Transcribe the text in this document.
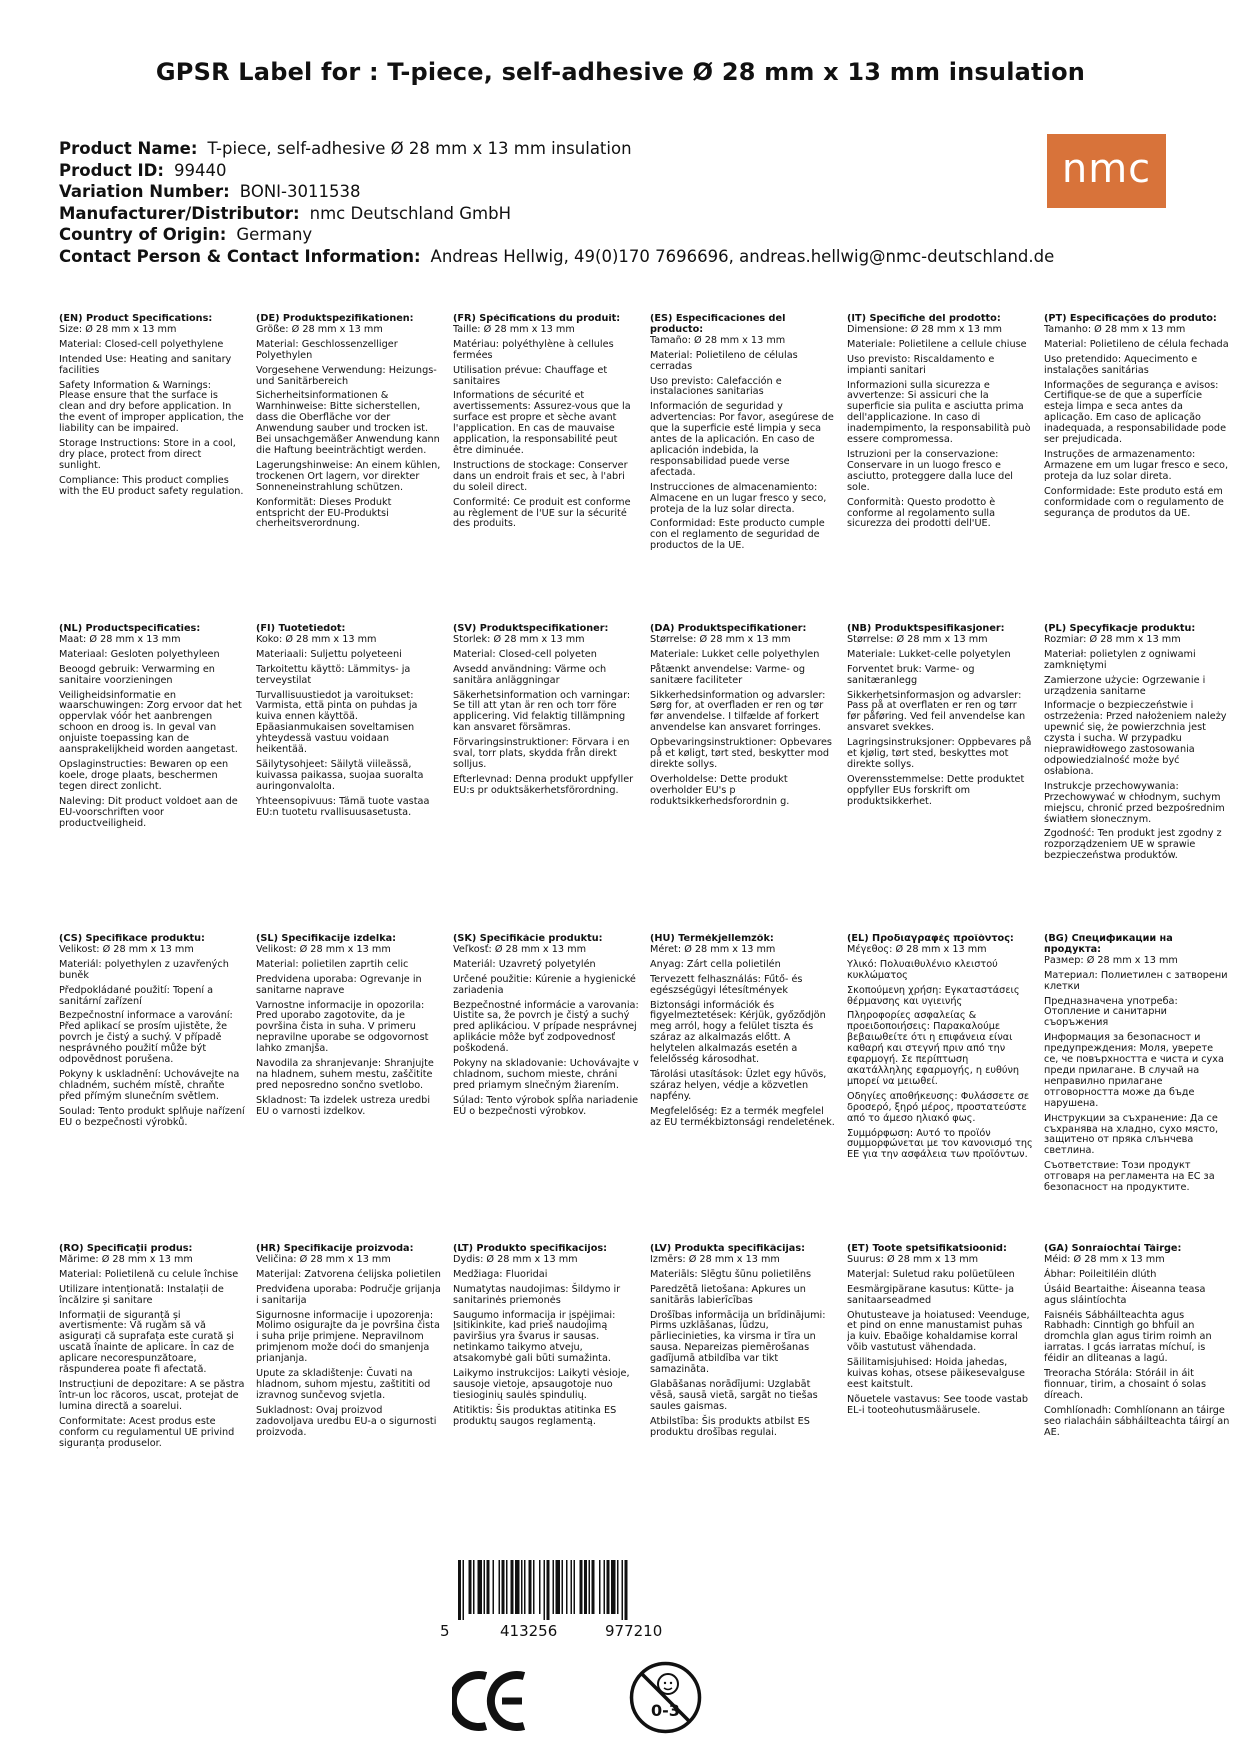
GPSR Label for : T-piece, self-adhesive Ø 28 mm x 13 mm insulation
Product Name: T-piece, self-adhesive Ø 28 mm x 13 mm insulation
Product ID: 99440
Variation Number: BONI-3011538
Manufacturer/Distributor: nmc Deutschland GmbH
Country of Origin: Germany
Contact Person & Contact Information: Andreas Hellwig, 49(0)170 7696696, andreas.hellwig@nmc-deutschland.de
nmc
(EN) Product Specifications:
Size: Ø 28 mm x 13 mm
Material: Closed-cell polyethylene
Intended Use: Heating and sanitary facilities
Safety Information & Warnings: Please ensure that the surface is clean and dry before application. In the event of improper application, the liability can be impaired.
Storage Instructions: Store in a cool, dry place, protect from direct sunlight.
Compliance: This product complies with the EU product safety regulation.
(DE) Produktspezifikationen:
Größe: Ø 28 mm x 13 mm
Material: Geschlossenzelliger Polyethylen
Vorgesehene Verwendung: Heizungs- und Sanitärbereich
Sicherheitsinformationen & Warnhinweise: Bitte sicherstellen, dass die Oberfläche vor der Anwendung sauber und trocken ist. Bei unsachgemäßer Anwendung kann die Haftung beeinträchtigt werden.
Lagerungshinweise: An einem kühlen, trockenen Ort lagern, vor direkter Sonneneinstrahlung schützen.
Konformität: Dieses Produkt entspricht der EU-Produktsi cherheitsverordnung.
(FR) Spécifications du produit:
Taille: Ø 28 mm x 13 mm
Matériau: polyéthylène à cellules fermées
Utilisation prévue: Chauffage et sanitaires
Informations de sécurité et avertissements: Assurez-vous que la surface est propre et sèche avant l'application. En cas de mauvaise application, la responsabilité peut être diminuée.
Instructions de stockage: Conserver dans un endroit frais et sec, à l'abri du soleil direct.
Conformité: Ce produit est conforme au règlement de l'UE sur la sécurité des produits.
(ES) Especificaciones del producto:
Tamaño: Ø 28 mm x 13 mm
Material: Polietileno de células cerradas
Uso previsto: Calefacción e instalaciones sanitarias
Información de seguridad y advertencias: Por favor, asegúrese de que la superficie esté limpia y seca antes de la aplicación. En caso de aplicación indebida, la responsabilidad puede verse afectada.
Instrucciones de almacenamiento: Almacene en un lugar fresco y seco, proteja de la luz solar directa.
Conformidad: Este producto cumple con el reglamento de seguridad de productos de la UE.
(IT) Specifiche del prodotto:
Dimensione: Ø 28 mm x 13 mm
Materiale: Polietilene a cellule chiuse
Uso previsto: Riscaldamento e impianti sanitari
Informazioni sulla sicurezza e avvertenze: Si assicuri che la superficie sia pulita e asciutta prima dell'applicazione. In caso di inadempimento, la responsabilità può essere compromessa.
Istruzioni per la conservazione: Conservare in un luogo fresco e asciutto, proteggere dalla luce del sole.
Conformità: Questo prodotto è conforme al regolamento sulla sicurezza dei prodotti dell'UE.
(PT) Especificações do produto:
Tamanho: Ø 28 mm x 13 mm
Material: Polietileno de célula fechada
Uso pretendido: Aquecimento e instalações sanitárias
Informações de segurança e avisos: Certifique-se de que a superfície esteja limpa e seca antes da aplicação. Em caso de aplicação inadequada, a responsabilidade pode ser prejudicada.
Instruções de armazenamento: Armazene em um lugar fresco e seco, proteja da luz solar direta.
Conformidade: Este produto está em conformidade com o regulamento de segurança de produtos da UE.
(NL) Productspecificaties:
Maat: Ø 28 mm x 13 mm
Materiaal: Gesloten polyethyleen
Beoogd gebruik: Verwarming en sanitaire voorzieningen
Veiligheidsinformatie en waarschuwingen: Zorg ervoor dat het oppervlak vóór het aanbrengen schoon en droog is. In geval van onjuiste toepassing kan de aansprakelijkheid worden aangetast.
Opslaginstructies: Bewaren op een koele, droge plaats, beschermen tegen direct zonlicht.
Naleving: Dit product voldoet aan de EU-voorschriften voor productveiligheid.
(FI) Tuotetiedot:
Koko: Ø 28 mm x 13 mm
Materiaali: Suljettu polyeteeni
Tarkoitettu käyttö: Lämmitys- ja terveystilat
Turvallisuustiedot ja varoitukset: Varmista, että pinta on puhdas ja kuiva ennen käyttöä. Epäasianmukaisen soveltamisen yhteydessä vastuu voidaan heikentää.
Säilytysohjeet: Säilytä viileässä, kuivassa paikassa, suojaa suoralta auringonvalolta.
Yhteensopivuus: Tämä tuote vastaa EU:n tuotetu rvallisuusasetusta.
(SV) Produktspecifikationer:
Storlek: Ø 28 mm x 13 mm
Material: Closed-cell polyeten
Avsedd användning: Värme och sanitära anläggningar
Säkerhetsinformation och varningar: Se till att ytan är ren och torr före applicering. Vid felaktig tillämpning kan ansvaret försämras.
Förvaringsinstruktioner: Förvara i en sval, torr plats, skydda från direkt solljus.
Efterlevnad: Denna produkt uppfyller EU:s pr oduktsäkerhetsförordning.
(DA) Produktspecifikationer:
Størrelse: Ø 28 mm x 13 mm
Materiale: Lukket celle polyethylen
Påtænkt anvendelse: Varme- og sanitære faciliteter
Sikkerhedsinformation og advarsler: Sørg for, at overfladen er ren og tør før anvendelse. I tilfælde af forkert anvendelse kan ansvaret forringes.
Opbevaringsinstruktioner: Opbevares på et køligt, tørt sted, beskytter mod direkte sollys.
Overholdelse: Dette produkt overholder EU's p roduktsikkerhedsforordnin g.
(NB) Produktspesifikasjoner:
Størrelse: Ø 28 mm x 13 mm
Materiale: Lukket-celle polyetylen
Forventet bruk: Varme- og sanitæranlegg
Sikkerhetsinformasjon og advarsler: Pass på at overflaten er ren og tørr før påføring. Ved feil anvendelse kan ansvaret svekkes.
Lagringsinstruksjoner: Oppbevares på et kjølig, tørt sted, beskyttes mot direkte sollys.
Overensstemmelse: Dette produktet oppfyller EUs forskrift om produktsikkerhet.
(PL) Specyfikacje produktu:
Rozmiar: Ø 28 mm x 13 mm
Materiał: polietylen z ogniwami zamkniętymi
Zamierzone użycie: Ogrzewanie i urządzenia sanitarne
Informacje o bezpieczeństwie i ostrzeżenia: Przed nałożeniem należy upewnić się, że powierzchnia jest czysta i sucha. W przypadku nieprawidłowego zastosowania odpowiedzialność może być osłabiona.
Instrukcje przechowywania: Przechowywać w chłodnym, suchym miejscu, chronić przed bezpośrednim światłem słonecznym.
Zgodność: Ten produkt jest zgodny z rozporządzeniem UE w sprawie bezpieczeństwa produktów.
(CS) Specifikace produktu:
Velikost: Ø 28 mm x 13 mm
Materiál: polyethylen z uzavřených buněk
Předpokládané použití: Topení a sanitární zařízení
Bezpečnostní informace a varování: Před aplikací se prosím ujistěte, že povrch je čistý a suchý. V případě nesprávného použití může být odpovědnost porušena.
Pokyny k uskladnění: Uchovávejte na chladném, suchém místě, chraňte před přímým slunečním světlem.
Soulad: Tento produkt splňuje nařízení EU o bezpečnosti výrobků.
(SL) Specifikacije izdelka:
Velikost: Ø 28 mm x 13 mm
Material: polietilen zaprtih celic
Predvidena uporaba: Ogrevanje in sanitarne naprave
Varnostne informacije in opozorila: Pred uporabo zagotovite, da je površina čista in suha. V primeru nepravilne uporabe se odgovornost lahko zmanjša.
Navodila za shranjevanje: Shranjujte na hladnem, suhem mestu, zaščitite pred neposredno sončno svetlobo.
Skladnost: Ta izdelek ustreza uredbi EU o varnosti izdelkov.
(SK) Špecifikácie produktu:
Veľkosť: Ø 28 mm x 13 mm
Materiál: Uzavretý polyetylén
Určené použitie: Kúrenie a hygienické zariadenia
Bezpečnostné informácie a varovania: Uistite sa, že povrch je čistý a suchý pred aplikáciou. V prípade nesprávnej aplikácie môže byť zodpovednosť poškodená.
Pokyny na skladovanie: Uchovávajte v chladnom, suchom mieste, chráni pred priamym slnečným žiarením.
Súlad: Tento výrobok spĺňa nariadenie EÚ o bezpečnosti výrobkov.
(HU) Termékjellemzők:
Méret: Ø 28 mm x 13 mm
Anyag: Zárt cella polietilén
Tervezett felhasználás: Fűtő- és egészségügyi létesítmények
Biztonsági információk és figyelmeztetések: Kérjük, győződjön meg arról, hogy a felület tiszta és száraz az alkalmazás előtt. A helytelen alkalmazás esetén a felelősség károsodhat.
Tárolási utasítások: Üzlet egy hűvös, száraz helyen, védje a közvetlen napfény.
Megfelelőség: Ez a termék megfelel az EU termékbiztonsági rendeletének.
(EL) Προδιαγραφές προϊόντος:
Μέγεθος: Ø 28 mm x 13 mm
Υλικό: Πολυαιθυλένιο κλειστού κυκλώματος
Σκοπούμενη χρήση: Εγκαταστάσεις θέρμανσης και υγιεινής
Πληροφορίες ασφαλείας & προειδοποιήσεις: Παρακαλούμε βεβαιωθείτε ότι η επιφάνεια είναι καθαρή και στεγνή πριν από την εφαρμογή. Σε περίπτωση ακατάλληλης εφαρμογής, η ευθύνη μπορεί να μειωθεί.
Οδηγίες αποθήκευσης: Φυλάσσετε σε δροσερό, ξηρό μέρος, προστατεύστε από το άμεσο ηλιακό φως.
Συμμόρφωση: Αυτό το προϊόν συμμορφώνεται με τον κανονισμό της ΕΕ για την ασφάλεια των προϊόντων.
(BG) Спецификации на продукта:
Размер: Ø 28 mm x 13 mm
Материал: Полиетилен с затворени клетки
Предназначена употреба: Отопление и санитарни съоръжения
Информация за безопасност и предупреждения: Моля, уверете се, че повърхността е чиста и суха преди прилагане. В случай на неправилно прилагане отговорността може да бъде нарушена.
Инструкции за съхранение: Да се съхранява на хладно, сухо място, защитено от пряка слънчева светлина.
Съответствие: Този продукт отговаря на регламента на ЕС за безопасност на продуктите.
(RO) Specificații produs:
Mărime: Ø 28 mm x 13 mm
Material: Polietilenă cu celule închise
Utilizare intenționată: Instalații de încălzire și sanitare
Informații de siguranță și avertismente: Vă rugăm să vă asigurați că suprafața este curată și uscată înainte de aplicare. În caz de aplicare necorespunzătoare, răspunderea poate fi afectată.
Instrucțiuni de depozitare: A se păstra într-un loc răcoros, uscat, protejat de lumina directă a soarelui.
Conformitate: Acest produs este conform cu regulamentul UE privind siguranța produselor.
(HR) Specifikacije proizvoda:
Veličina: Ø 28 mm x 13 mm
Materijal: Zatvorena ćelijska polietilen
Predviđena uporaba: Područje grijanja i sanitarija
Sigurnosne informacije i upozorenja: Molimo osigurajte da je površina čista i suha prije primjene. Nepravilnom primjenom može doći do smanjenja prianjanja.
Upute za skladištenje: Čuvati na hladnom, suhom mjestu, zaštititi od izravnog sunčevog svjetla.
Sukladnost: Ovaj proizvod zadovoljava uredbu EU-a o sigurnosti proizvoda.
(LT) Produkto specifikacijos:
Dydis: Ø 28 mm x 13 mm
Medžiaga: Fluoridai
Numatytas naudojimas: Šildymo ir sanitarinės priemonės
Saugumo informacija ir įspėjimai: Įsitikinkite, kad prieš naudojimą paviršius yra švarus ir sausas. netinkamo taikymo atveju, atsakomybė gali būti sumažinta.
Laikymo instrukcijos: Laikyti vėsioje, sausoje vietoje, apsaugotoje nuo tiesioginių saulės spindulių.
Atitiktis: Šis produktas atitinka ES produktų saugos reglamentą.
(LV) Produkta specifikācijas:
Izmērs: Ø 28 mm x 13 mm
Materiāls: Slēgtu šūnu polietilēns
Paredzētā lietošana: Apkures un sanitārās labierīcības
Drošības informācija un brīdinājumi: Pirms uzklāšanas, lūdzu, pārliecinieties, ka virsma ir tīra un sausa. Nepareizas piemērošanas gadījumā atbildība var tikt samazināta.
Glabāšanas norādījumi: Uzglabāt vēsā, sausā vietā, sargāt no tiešas saules gaismas.
Atbilstība: Šis produkts atbilst ES produktu drošības regulai.
(ET) Toote spetsifikatsioonid:
Suurus: Ø 28 mm x 13 mm
Materjal: Suletud raku polüetüleen
Eesmärgipärane kasutus: Kütte- ja sanitaarseadmed
Ohutusteave ja hoiatused: Veenduge, et pind on enne manustamist puhas ja kuiv. Ebaõige kohaldamise korral võib vastutust vähendada.
Säilitamisjuhised: Hoida jahedas, kuivas kohas, otsese päikesevalguse eest kaitstult.
Nõuetele vastavus: See toode vastab EL-i tooteohutusmäärusele.
(GA) Sonraíochtaí Táirge:
Méid: Ø 28 mm x 13 mm
Ábhar: Poileitiléin dlúth
Úsáid Beartaithe: Áiseanna teasa agus sláintíochta
Faisnéis Sábháilteachta agus Rabhadh: Cinntigh go bhfuil an dromchla glan agus tirim roimh an iarratas. I gcás iarratas míchuí, is féidir an dliteanas a lagú.
Treoracha Stórála: Stóráil in áit fionnuar, tirim, a chosaint ó solas díreach.
Comhlíonadh: Comhlíonann an táirge seo rialacháin sábháilteachta táirgí an AE.
5	413256	977210
0-3
